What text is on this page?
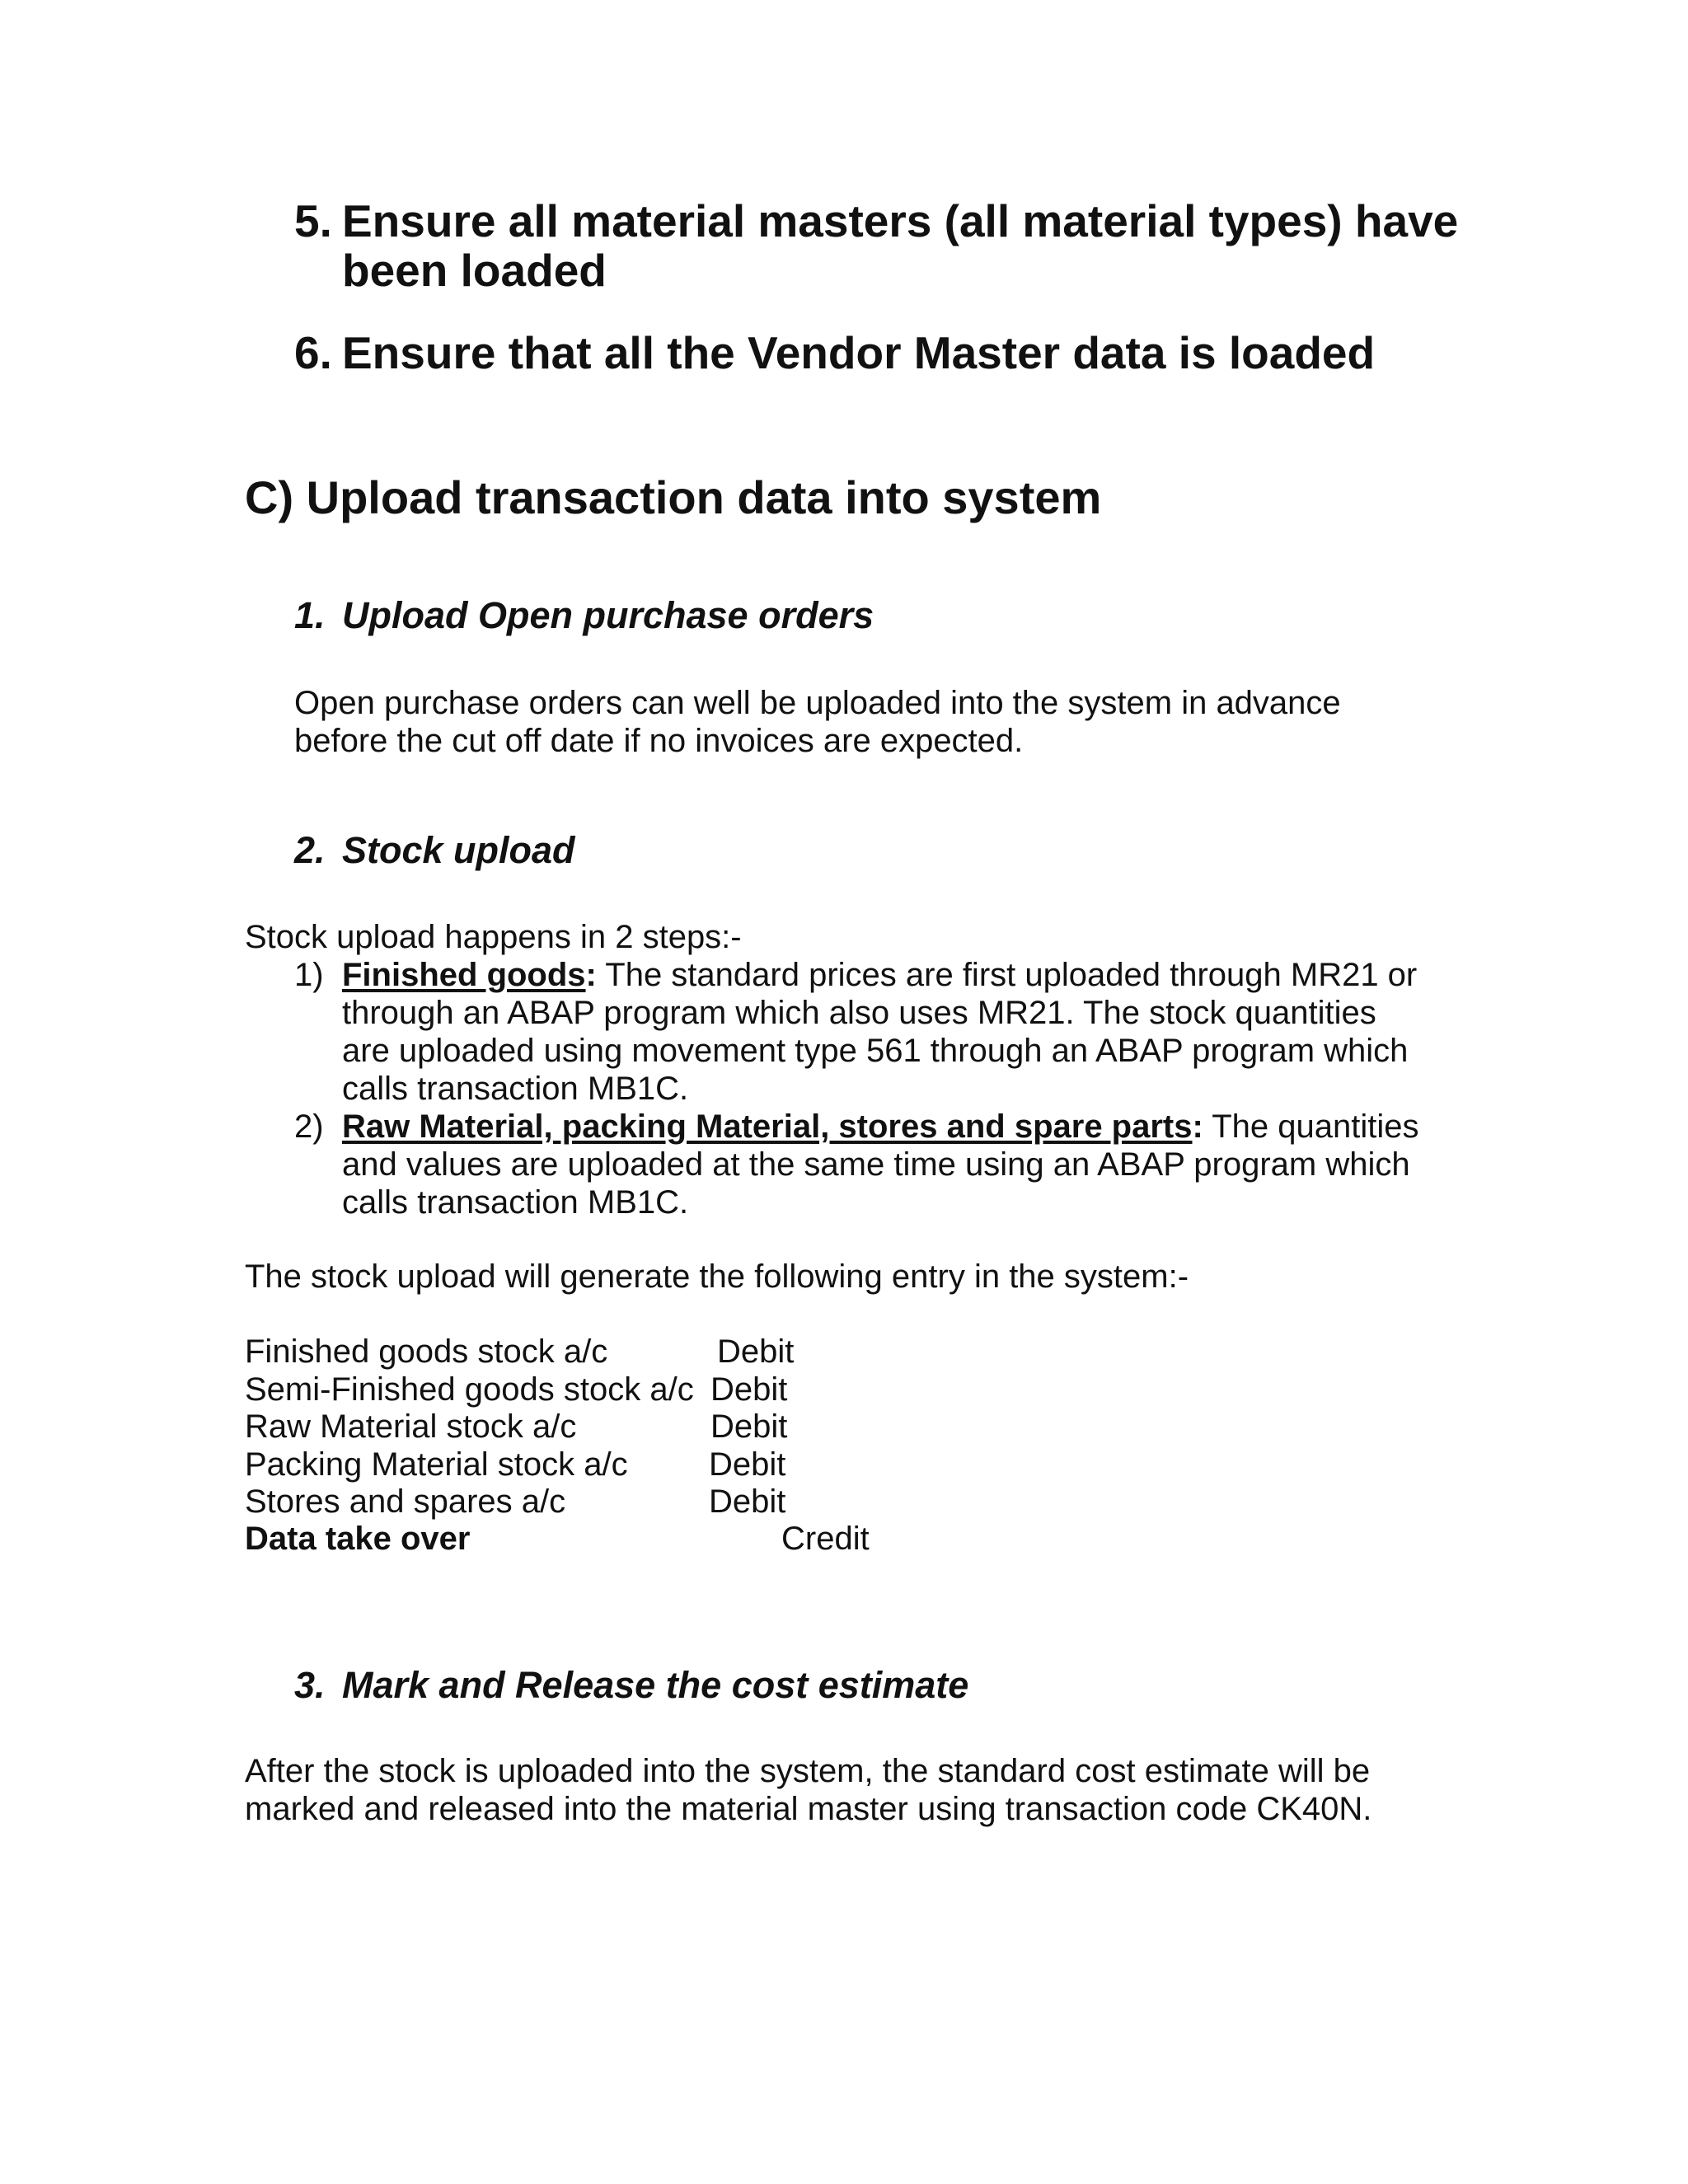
5. Ensure all material masters (all material types) have
been loaded
6. Ensure that all the Vendor Master data is loaded
C) Upload transaction data into system
1. Upload Open purchase orders
Open purchase orders can well be uploaded into the system in advance
before the cut off date if no invoices are expected.
2. Stock upload
Stock upload happens in 2 steps:-
1) Finished goods: The standard prices are first uploaded through MR21 or
through an ABAP program which also uses MR21. The stock quantities
are uploaded using movement type 561 through an ABAP program which
calls transaction MB1C.
2) Raw Material, packing Material, stores and spare parts: The quantities
and values are uploaded at the same time using an ABAP program which
calls transaction MB1C.
The stock upload will generate the following entry in the system:-
Finished goods stock a/c	Debit
Semi-Finished goods stock a/c Debit
Raw Material stock a/c	Debit
Packing Material stock a/c Debit
Stores and spares a/c	Debit
Data take over	Credit
3. Mark and Release the cost estimate
After the stock is uploaded into the system, the standard cost estimate will be
marked and released into the material master using transaction code CK40N.
